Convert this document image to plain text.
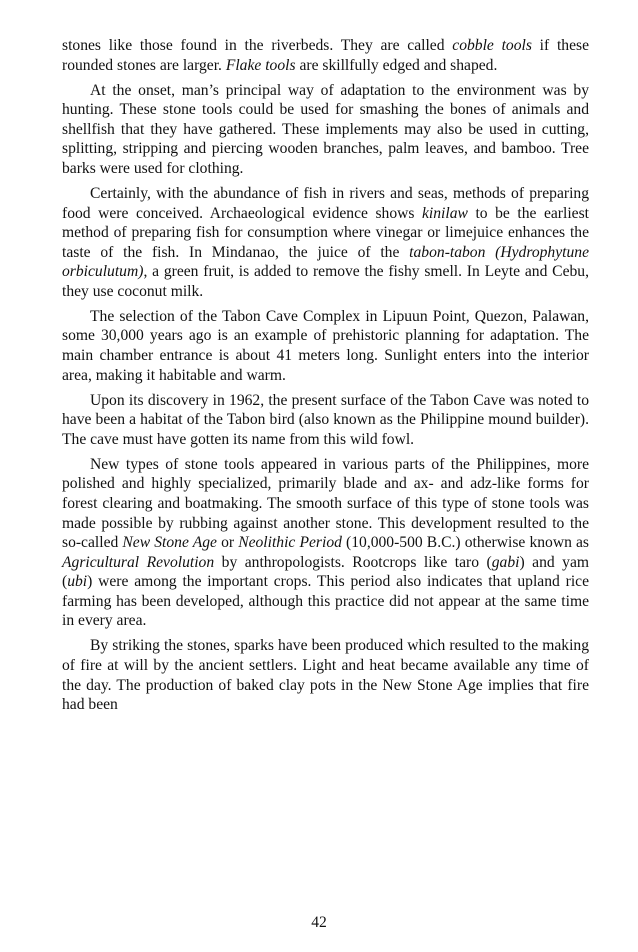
stones like those found in the riverbeds. They are called cobble tools if these rounded stones are larger. Flake tools are skillfully edged and shaped.

At the onset, man’s principal way of adaptation to the environment was by hunting. These stone tools could be used for smashing the bones of animals and shellfish that they have gathered. These implements may also be used in cutting, splitting, stripping and piercing wooden branches, palm leaves, and bamboo. Tree barks were used for clothing.

Certainly, with the abundance of fish in rivers and seas, methods of preparing food were conceived. Archaeological evidence shows kinilaw to be the earliest method of preparing fish for consumption where vinegar or limejuice enhances the taste of the fish. In Mindanao, the juice of the tabon-tabon (Hydrophytune orbiculutum), a green fruit, is added to remove the fishy smell. In Leyte and Cebu, they use coconut milk.

The selection of the Tabon Cave Complex in Lipuun Point, Quezon, Palawan, some 30,000 years ago is an example of prehistoric planning for adaptation. The main chamber entrance is about 41 meters long. Sunlight enters into the interior area, making it habitable and warm.

Upon its discovery in 1962, the present surface of the Tabon Cave was noted to have been a habitat of the Tabon bird (also known as the Philippine mound builder). The cave must have gotten its name from this wild fowl.

New types of stone tools appeared in various parts of the Philippines, more polished and highly specialized, primarily blade and ax- and adz-like forms for forest clearing and boatmaking. The smooth surface of this type of stone tools was made possible by rubbing against another stone. This development resulted to the so-called New Stone Age or Neolithic Period (10,000-500 B.C.) otherwise known as Agricultural Revolution by anthropologists. Rootcrops like taro (gabi) and yam (ubi) were among the important crops. This period also indicates that upland rice farming has been developed, although this practice did not appear at the same time in every area.

By striking the stones, sparks have been produced which resulted to the making of fire at will by the ancient settlers. Light and heat became available any time of the day. The production of baked clay pots in the New Stone Age implies that fire had been

42
